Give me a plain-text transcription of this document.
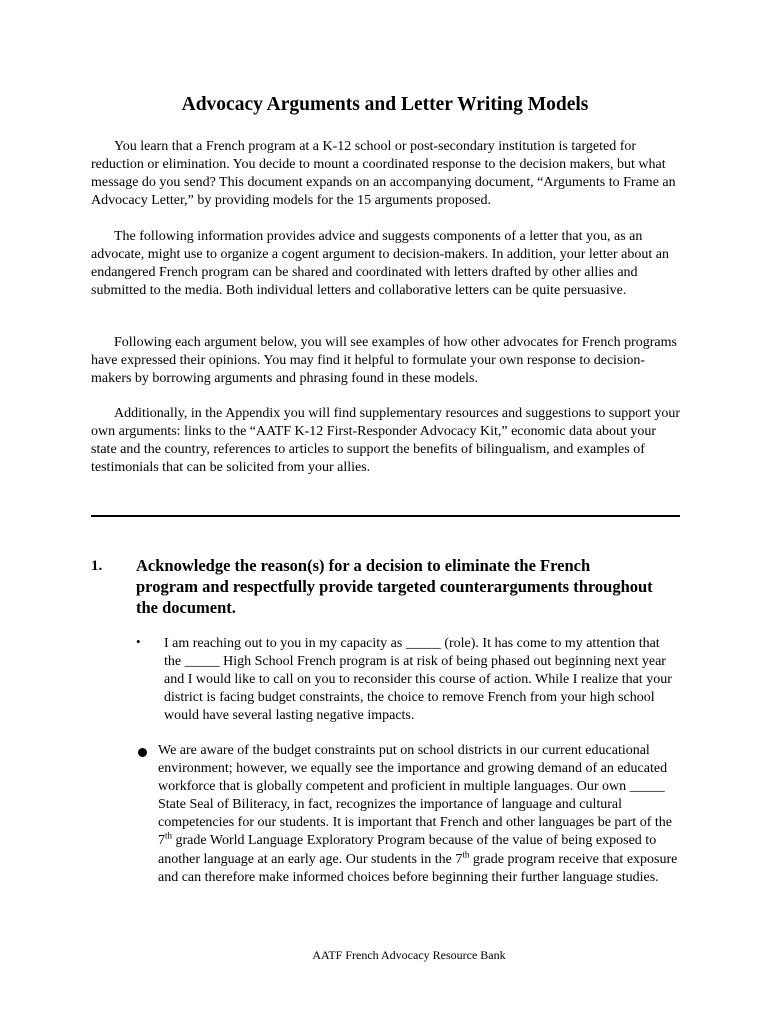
Advocacy Arguments and Letter Writing Models

You learn that a French program at a K-12 school or post-secondary institution is targeted for reduction or elimination. You decide to mount a coordinated response to the decision makers, but what message do you send? This document expands on an accompanying document, “Arguments to Frame an Advocacy Letter,” by providing models for the 15 arguments proposed.

The following information provides advice and suggests components of a letter that you, as an advocate, might use to organize a cogent argument to decision-makers. In addition, your letter about an endangered French program can be shared and coordinated with letters drafted by other allies and submitted to the media. Both individual letters and collaborative letters can be quite persuasive.

Following each argument below, you will see examples of how other advocates for French programs have expressed their opinions. You may find it helpful to formulate your own response to decision-makers by borrowing arguments and phrasing found in these models.

Additionally, in the Appendix you will find supplementary resources and suggestions to support your own arguments: links to the “AATF K-12 First-Responder Advocacy Kit,” economic data about your state and the country, references to articles to support the benefits of bilingualism, and examples of testimonials that can be solicited from your allies.

1. Acknowledge the reason(s) for a decision to eliminate the French program and respectfully provide targeted counterarguments throughout the document.
• I am reaching out to you in my capacity as _____ (role). It has come to my attention that the _____ High School French program is at risk of being phased out beginning next year and I would like to call on you to reconsider this course of action. While I realize that your district is facing budget constraints, the choice to remove French from your high school would have several lasting negative impacts.

We are aware of the budget constraints put on school districts in our current educational environment; however, we equally see the importance and growing demand of an educated workforce that is globally competent and proficient in multiple languages. Our own _____ State Seal of Biliteracy, in fact, recognizes the importance of language and cultural competencies for our students. It is important that French and other languages be part of the 7th grade World Language Exploratory Program because of the value of being exposed to another language at an early age. Our students in the 7th grade program receive that exposure and can therefore make informed choices before beginning their further language studies.

AATF French Advocacy Resource Bank
